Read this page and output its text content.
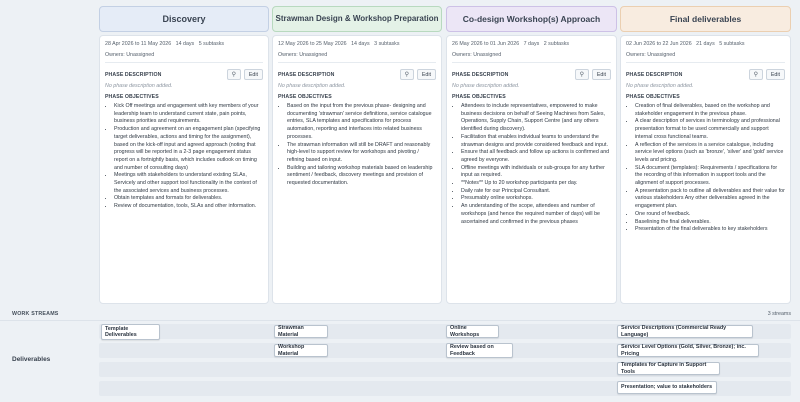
Discovery	Strawman Design & Workshop Preparation	Co-design Workshop(s) Approach	Final deliverables
28 Apr 2026 to 11 May 2026 14 days 5 subtasks
Owners: Unassigned
PHASE DESCRIPTION	⚲	Edit
No phase description added.
PHASE OBJECTIVES
• Kick Off meetings and engagement with key members of your leadership team to understand current state, pain points, business priorities and requirements.
• Production and agreement on an engagement plan (specifying target deliverables, actions and timing for the assignment), based on the kick-off input and agreed approach (noting that progress will be reported in a 2-3 page engagement status report on a fortnightly basis, which includes outlook on timing and number of consulting days)
• Meetings with stakeholders to understand existing SLAs, Servicely and other support tool functionality in the context of the associated services and business processes.
• Obtain templates and formats for deliverables.
• Review of documentation, tools, SLAs and other information.
12 May 2026 to 25 May 2026 14 days 3 subtasks
Owners: Unassigned
PHASE DESCRIPTION	⚲	Edit
No phase description added.
PHASE OBJECTIVES
• Based on the input from the previous phase- designing and documenting 'strawman' service definitions, service catalogue entries, SLA templates and specifications for process automation, reporting and interfaces into related business processes.
• The strawman information will still be DRAFT and reasonably high-level to support review for workshops and pivoting / refining based on input.
• Building and tailoring workshop materials based on leadership sentiment / feedback, discovery meetings and provision of requested documentation.
26 May 2026 to 01 Jun 2026 7 days 2 subtasks
Owners: Unassigned
PHASE DESCRIPTION	⚲	Edit
No phase description added.
PHASE OBJECTIVES
• Attendees to include representatives, empowered to make business decisions on behalf of Seeing Machines from Sales, Operations, Supply Chain, Support Centre (and any others identified during discovery).
• Facilitation that enables individual teams to understand the strawman designs and provide considered feedback and input.
• Ensure that all feedback and follow up actions is confirmed and agreed by everyone.
• Offline meetings with individuals or sub-groups for any further input as required.
• **Notes** Up to 20 workshop participants per day.
• Daily rate for our Principal Consultant.
• Presumably online workshops.
• An understanding of the scope, attendees and number of workshops (and hence the required number of days) will be ascertained and confirmed in the previous phases
02 Jun 2026 to 22 Jun 2026 21 days 5 subtasks
Owners: Unassigned
PHASE DESCRIPTION	⚲	Edit
No phase description added.
PHASE OBJECTIVES
• Creation of final deliverables, based on the workshop and stakeholder engagement in the previous phase.
• A clear description of services in terminology and professional presentation format to be used commercially and support internal cross functional teams.
• A reflection of the services in a service catalogue, including service level options (such as 'bronze', 'silver' and 'gold' service levels and pricing.
• SLA document (templates): Requirements / specifications for the recording of this information in support tools and the alignment of support processes.
• A presentation pack to outline all deliverables and their value for various stakeholders Any other deliverables agreed in the engagement plan.
• One round of feedback.
• Baselining the final deliverables.
• Presentation of the final deliverables to key stakeholders
WORK STREAMS	3 streams
Deliverables
Template Deliverables
Strawman Material
Workshop Material
Online Workshops
Review based on Feedback
Service Descriptions (Commercial Ready Language)
Service Level Options (Gold, Silver, Bronze); inc. Pricing
Templates for Capture in Support Tools
Presentation; value to stakeholders
